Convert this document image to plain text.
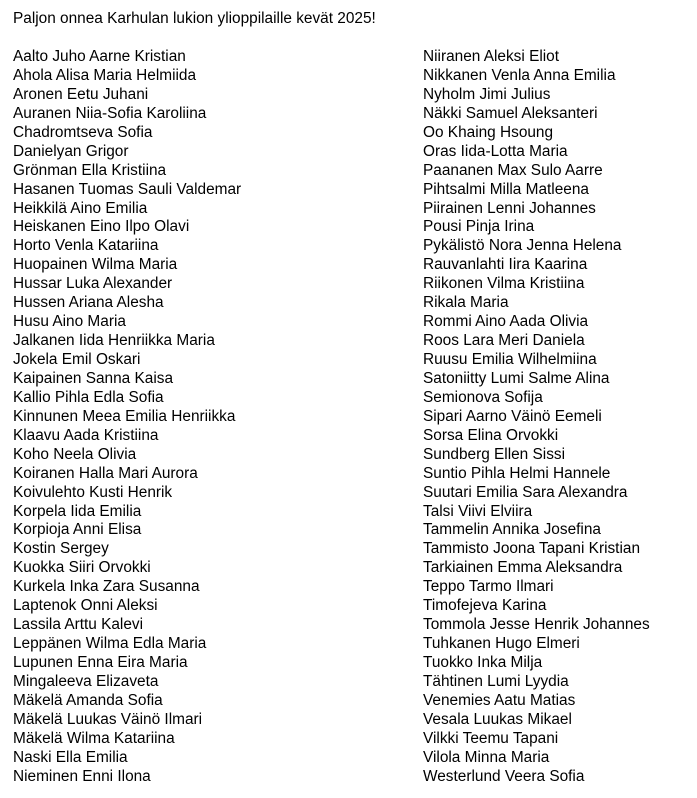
Paljon onnea Karhulan lukion ylioppilaille kevät 2025!
Aalto Juho Aarne Kristian
Ahola Alisa Maria Helmiida
Aronen Eetu Juhani
Auranen Niia-Sofia Karoliina
Chadromtseva Sofia
Danielyan Grigor
Grönman Ella Kristiina
Hasanen Tuomas Sauli Valdemar
Heikkilä Aino Emilia
Heiskanen Eino Ilpo Olavi
Horto Venla Katariina
Huopainen Wilma Maria
Hussar Luka Alexander
Hussen Ariana Alesha
Husu Aino Maria
Jalkanen Iida Henriikka Maria
Jokela Emil Oskari
Kaipainen Sanna Kaisa
Kallio Pihla Edla Sofia
Kinnunen Meea Emilia Henriikka
Klaavu Aada Kristiina
Koho Neela Olivia
Koiranen Halla Mari Aurora
Koivulehto Kusti Henrik
Korpela Iida Emilia
Korpioja Anni Elisa
Kostin Sergey
Kuokka Siiri Orvokki
Kurkela Inka Zara Susanna
Laptenok Onni Aleksi
Lassila Arttu Kalevi
Leppänen Wilma Edla Maria
Lupunen Enna Eira Maria
Mingaleeva Elizaveta
Mäkelä Amanda Sofia
Mäkelä Luukas Väinö Ilmari
Mäkelä Wilma Katariina
Naski Ella Emilia
Nieminen Enni Ilona
Niiranen Aleksi Eliot
Nikkanen Venla Anna Emilia
Nyholm Jimi Julius
Näkki Samuel Aleksanteri
Oo Khaing Hsoung
Oras Iida-Lotta Maria
Paananen Max Sulo Aarre
Pihtsalmi Milla Matleena
Piirainen Lenni Johannes
Pousi Pinja Irina
Pykälistö Nora Jenna Helena
Rauvanlahti Iira Kaarina
Riikonen Vilma Kristiina
Rikala Maria
Rommi Aino Aada Olivia
Roos Lara Meri Daniela
Ruusu Emilia Wilhelmiina
Satoniitty Lumi Salme Alina
Semionova Sofija
Sipari Aarno Väinö Eemeli
Sorsa Elina Orvokki
Sundberg Ellen Sissi
Suntio Pihla Helmi Hannele
Suutari Emilia Sara Alexandra
Talsi Viivi Elviira
Tammelin Annika Josefina
Tammisto Joona Tapani Kristian
Tarkiainen Emma Aleksandra
Teppo Tarmo Ilmari
Timofejeva Karina
Tommola Jesse Henrik Johannes
Tuhkanen Hugo Elmeri
Tuokko Inka Milja
Tähtinen Lumi Lyydia
Venemies Aatu Matias
Vesala Luukas Mikael
Vilkki Teemu Tapani
Vilola Minna Maria
Westerlund Veera Sofia
